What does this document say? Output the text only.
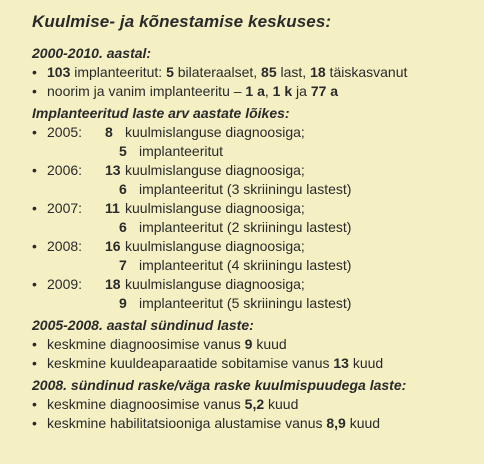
Kuulmise- ja kõnestamise keskuses:
2000-2010. aastal:
• 103 implanteeritut: 5 bilateraalset, 85 last, 18 täiskasvanut
• noorim ja vanim implanteeritu – 1 a, 1 k ja 77 a
Implanteeritud laste arv aastate lõikes:
• 2005: 8 kuulmislanguse diagnoosiga;
5 implanteeritut
• 2006: 13 kuulmislanguse diagnoosiga;
6 implanteeritut (3 skriiningu lastest)
• 2007: 11 kuulmislanguse diagnoosiga;
6 implanteeritut (2 skriiningu lastest)
• 2008: 16 kuulmislanguse diagnoosiga;
7 implanteeritut (4 skriiningu lastest)
• 2009: 18 kuulmislanguse diagnoosiga;
9 implanteeritut (5 skriiningu lastest)
2005-2008. aastal sündinud laste:
• keskmine diagnoosimise vanus 9 kuud
• keskmine kuuldeaparaatide sobitamise vanus 13 kuud
2008. sündinud raske/väga raske kuulmispuudega laste:
• keskmine diagnoosimise vanus 5,2 kuud
• keskmine habilitatsiooniga alustamise vanus 8,9 kuud
